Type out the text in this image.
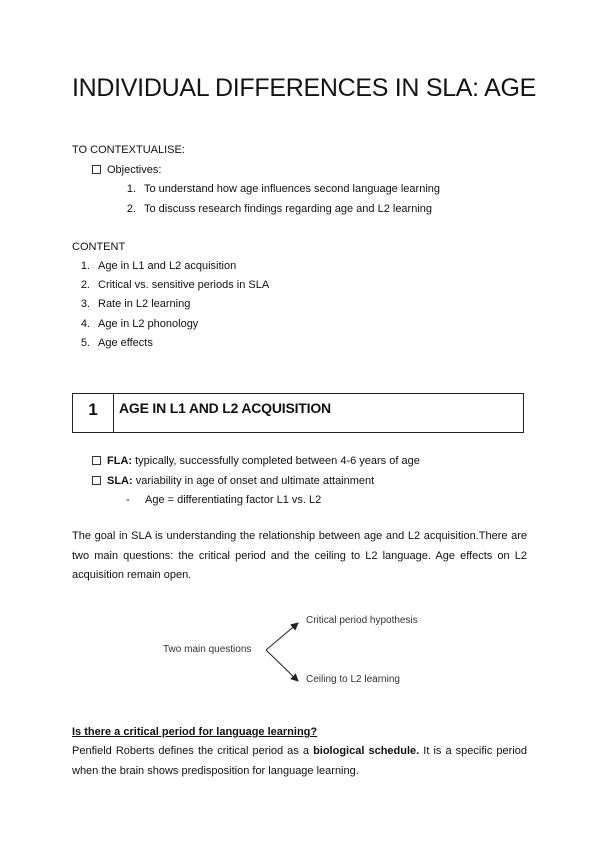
INDIVIDUAL DIFFERENCES IN SLA: AGE
TO CONTEXTUALISE:
Objectives:
1. To understand how age influences second language learning
2. To discuss research findings regarding age and L2 learning
CONTENT
1. Age in L1 and L2 acquisition
2. Critical vs. sensitive periods in SLA
3. Rate in L2 learning
4. Age in L2 phonology
5. Age effects
1	AGE IN L1 AND L2 ACQUISITION
FLA: typically, successfully completed between 4-6 years of age
SLA: variability in age of onset and ultimate attainment
- Age = differentiating factor L1 vs. L2
The goal in SLA is understanding the relationship between age and L2 acquisition.There are two main questions: the critical period and the ceiling to L2 language. Age effects on L2 acquisition remain open.
Two main questions
Critical period hypothesis
Ceiling to L2 learning
Is there a critical period for language learning?
Penfield Roberts defines the critical period as a biological schedule. It is a specific period when the brain shows predisposition for language learning.
